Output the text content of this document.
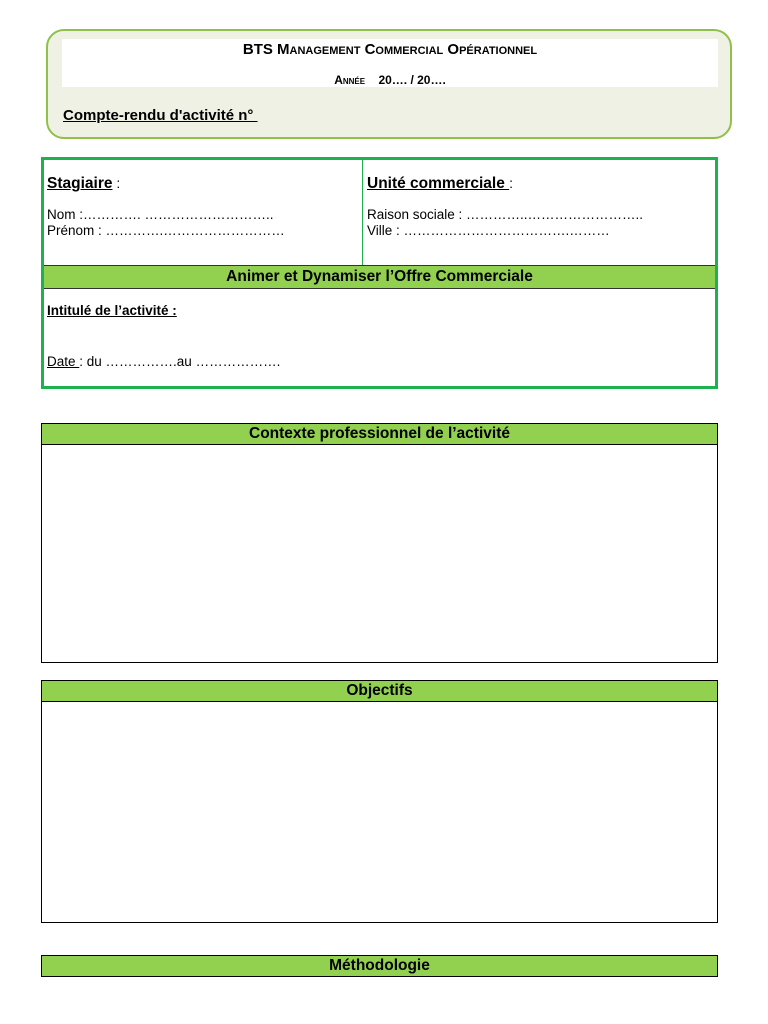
BTS Management Commercial Opérationnel
Année 20…. / 20….
Compte-rendu d'activité n°
Stagiaire :
Nom :…………. ………………………..
Prénom : ………….………………………
Unité commerciale :
Raison sociale : …………..……………………..
Ville : ……………………………….………
Animer et Dynamiser l’Offre Commerciale
Intitulé de l’activité :
Date : du …………….au ……………….
Contexte professionnel de l’activité
Objectifs
Méthodologie
